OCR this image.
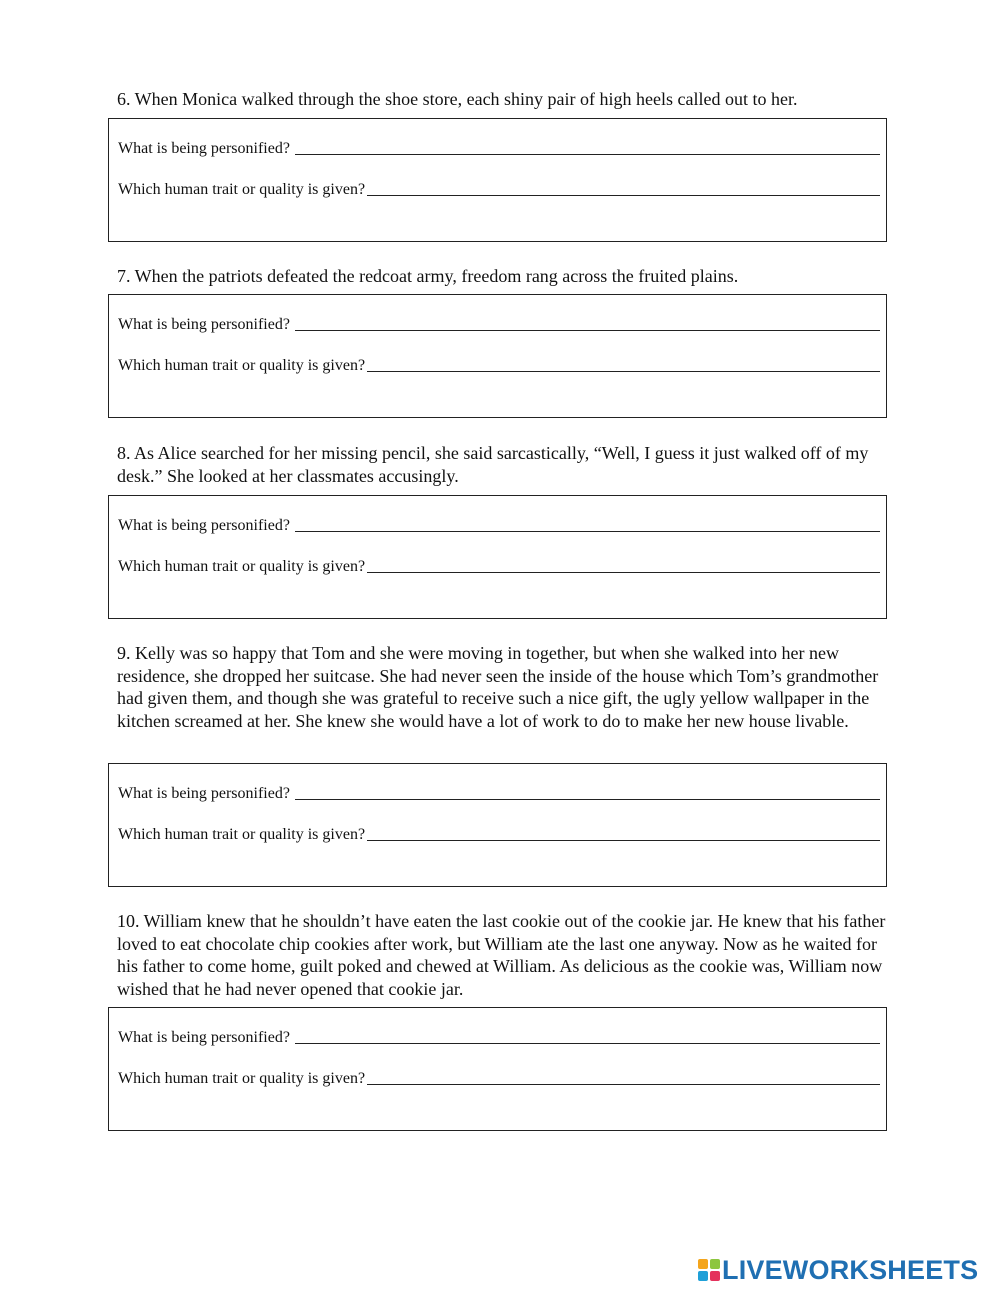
6. When Monica walked through the shoe store, each shiny pair of high heels called out to her.

What is being personified?
Which human trait or quality is given?

7. When the patriots defeated the redcoat army, freedom rang across the fruited plains.

What is being personified?
Which human trait or quality is given?

8. As Alice searched for her missing pencil, she said sarcastically, “Well, I guess it just walked off of my desk.” She looked at her classmates accusingly.

What is being personified?
Which human trait or quality is given?

9. Kelly was so happy that Tom and she were moving in together, but when she walked into her new residence, she dropped her suitcase. She had never seen the inside of the house which Tom’s grandmother had given them, and though she was grateful to receive such a nice gift, the ugly yellow wallpaper in the kitchen screamed at her. She knew she would have a lot of work to do to make her new house livable.

What is being personified?
Which human trait or quality is given?

10. William knew that he shouldn’t have eaten the last cookie out of the cookie jar. He knew that his father loved to eat chocolate chip cookies after work, but William ate the last one anyway. Now as he waited for his father to come home, guilt poked and chewed at William. As delicious as the cookie was, William now wished that he had never opened that cookie jar.

What is being personified?
Which human trait or quality is given?
LIVEWORKSHEETS
